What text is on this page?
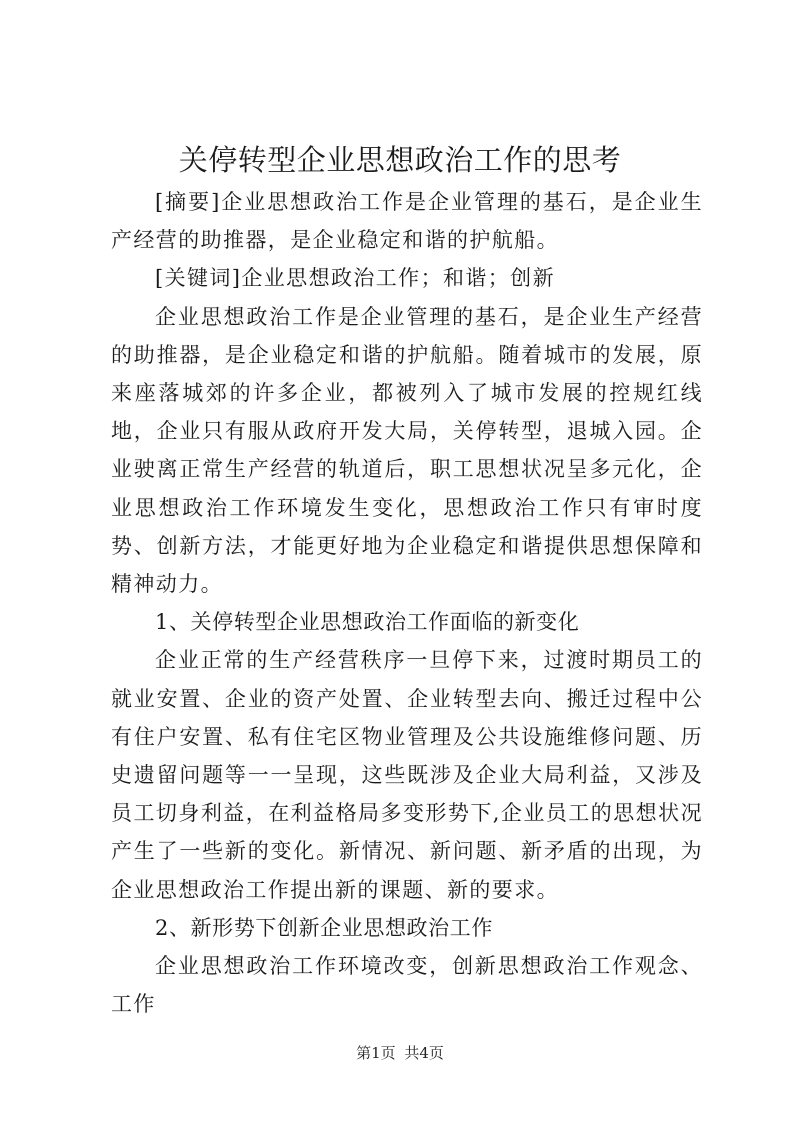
关停转型企业思想政治工作的思考

[摘要]企业思想政治工作是企业管理的基石，是企业生产经营的助推器，是企业稳定和谐的护航船。

[关键词]企业思想政治工作；和谐；创新

企业思想政治工作是企业管理的基石，是企业生产经营的助推器，是企业稳定和谐的护航船。随着城市的发展，原来座落城郊的许多企业，都被列入了城市发展的控规红线地，企业只有服从政府开发大局，关停转型，退城入园。企业驶离正常生产经营的轨道后，职工思想状况呈多元化，企业思想政治工作环境发生变化，思想政治工作只有审时度势、创新方法，才能更好地为企业稳定和谐提供思想保障和精神动力。

1、关停转型企业思想政治工作面临的新变化

企业正常的生产经营秩序一旦停下来，过渡时期员工的就业安置、企业的资产处置、企业转型去向、搬迁过程中公有住户安置、私有住宅区物业管理及公共设施维修问题、历史遗留问题等一一呈现，这些既涉及企业大局利益，又涉及员工切身利益，在利益格局多变形势下,企业员工的思想状况产生了一些新的变化。新情况、新问题、新矛盾的出现，为企业思想政治工作提出新的课题、新的要求。

2、新形势下创新企业思想政治工作

企业思想政治工作环境改变，创新思想政治工作观念、工作

第1页 共4页
